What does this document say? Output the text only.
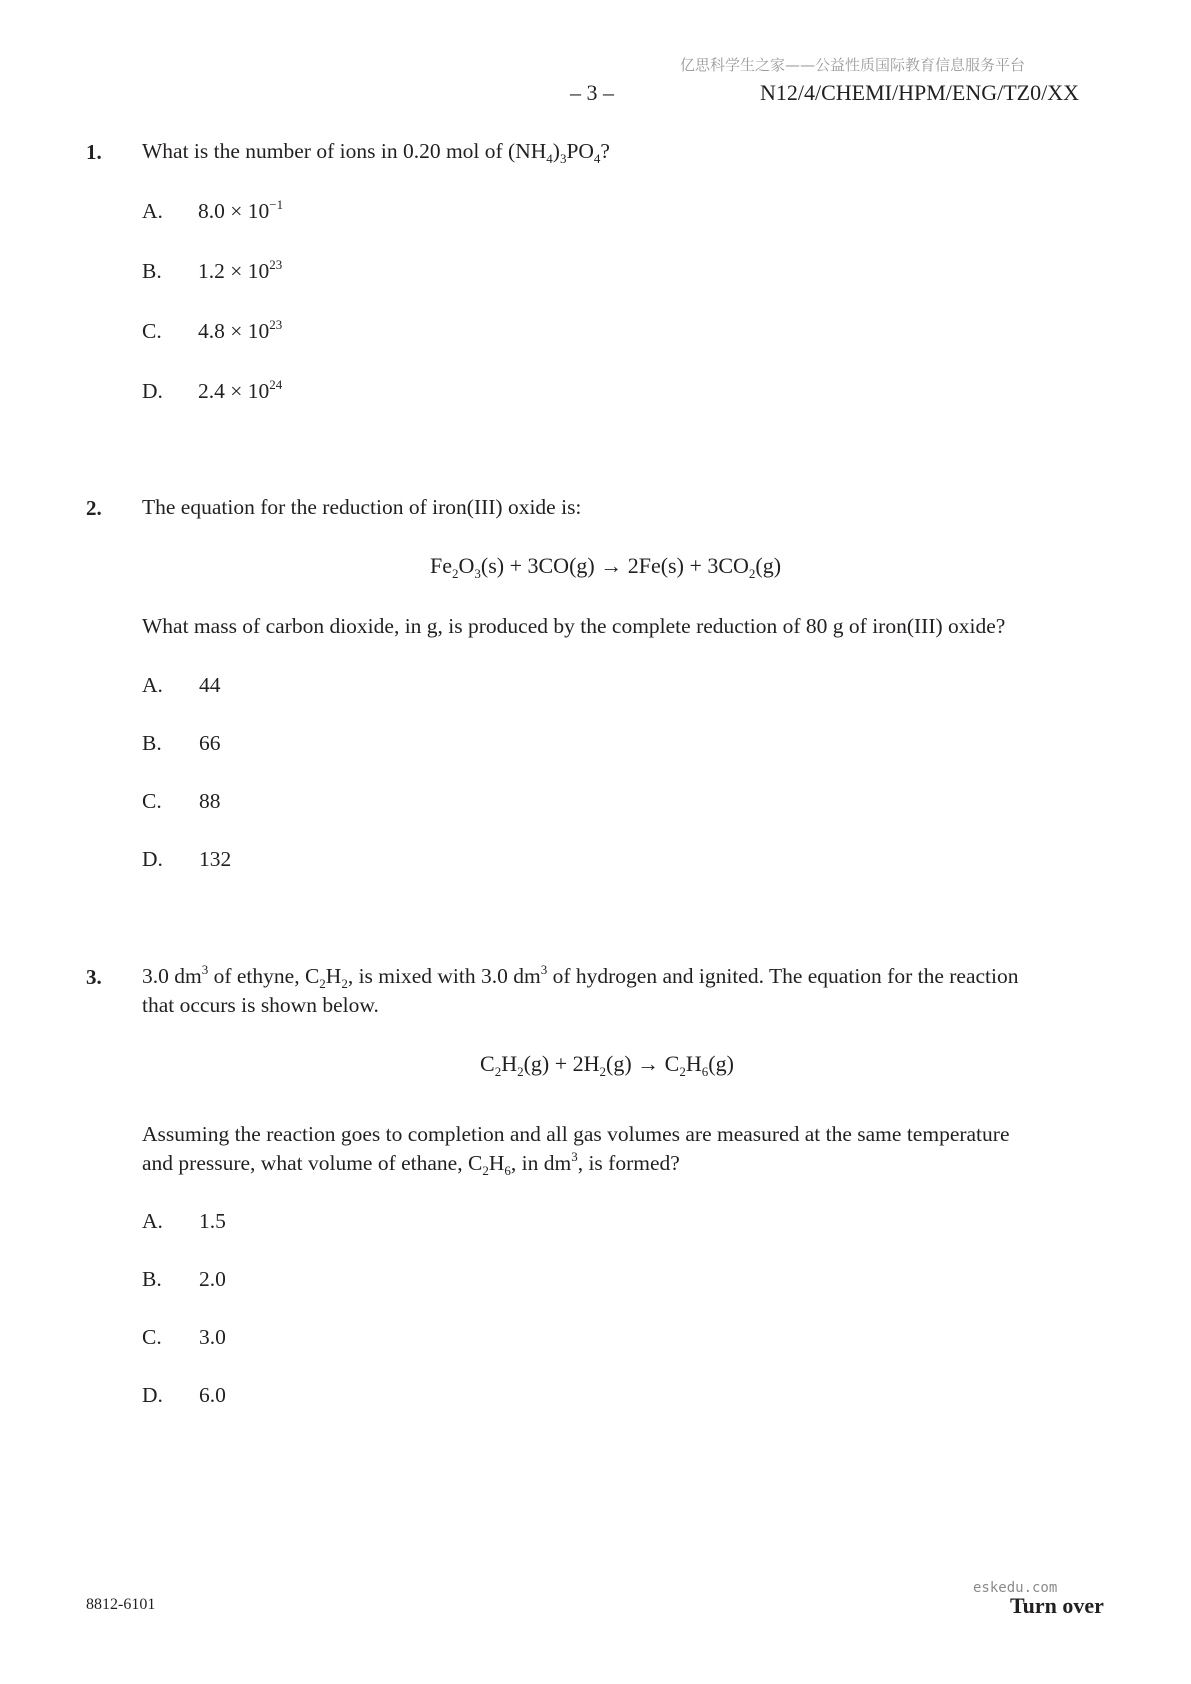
亿思科学生之家——公益性质国际教育信息服务平台
– 3 –	N12/4/CHEMI/HPM/ENG/TZ0/XX
1. What is the number of ions in 0.20 mol of $(NH_4)_3PO_4$?
A. $8.0 \times 10^{-1}$
B. $1.2 \times 10^{23}$
C. $4.8 \times 10^{23}$
D. $2.4 \times 10^{24}$
2. The equation for the reduction of iron(III) oxide is:
$Fe_2O_3(s) + 3CO(g) \to 2Fe(s) + 3CO_2(g)$
What mass of carbon dioxide, in g, is produced by the complete reduction of 80 g of iron(III) oxide?
A. 44
B. 66
C. 88
D. 132
3. 3.0 $dm^3$ of ethyne, $C_2H_2$, is mixed with 3.0 $dm^3$ of hydrogen and ignited. The equation for the reaction
that occurs is shown below.
$C_2H_2(g) + 2H_2(g) \to C_2H_6(g)$
Assuming the reaction goes to completion and all gas volumes are measured at the same temperature
and pressure, what volume of ethane, $C_2H_6$, in $dm^3$, is formed?
A. 1.5
B. 2.0
C. 3.0
D. 6.0
8812-6101
eskedu.com
Turn over
